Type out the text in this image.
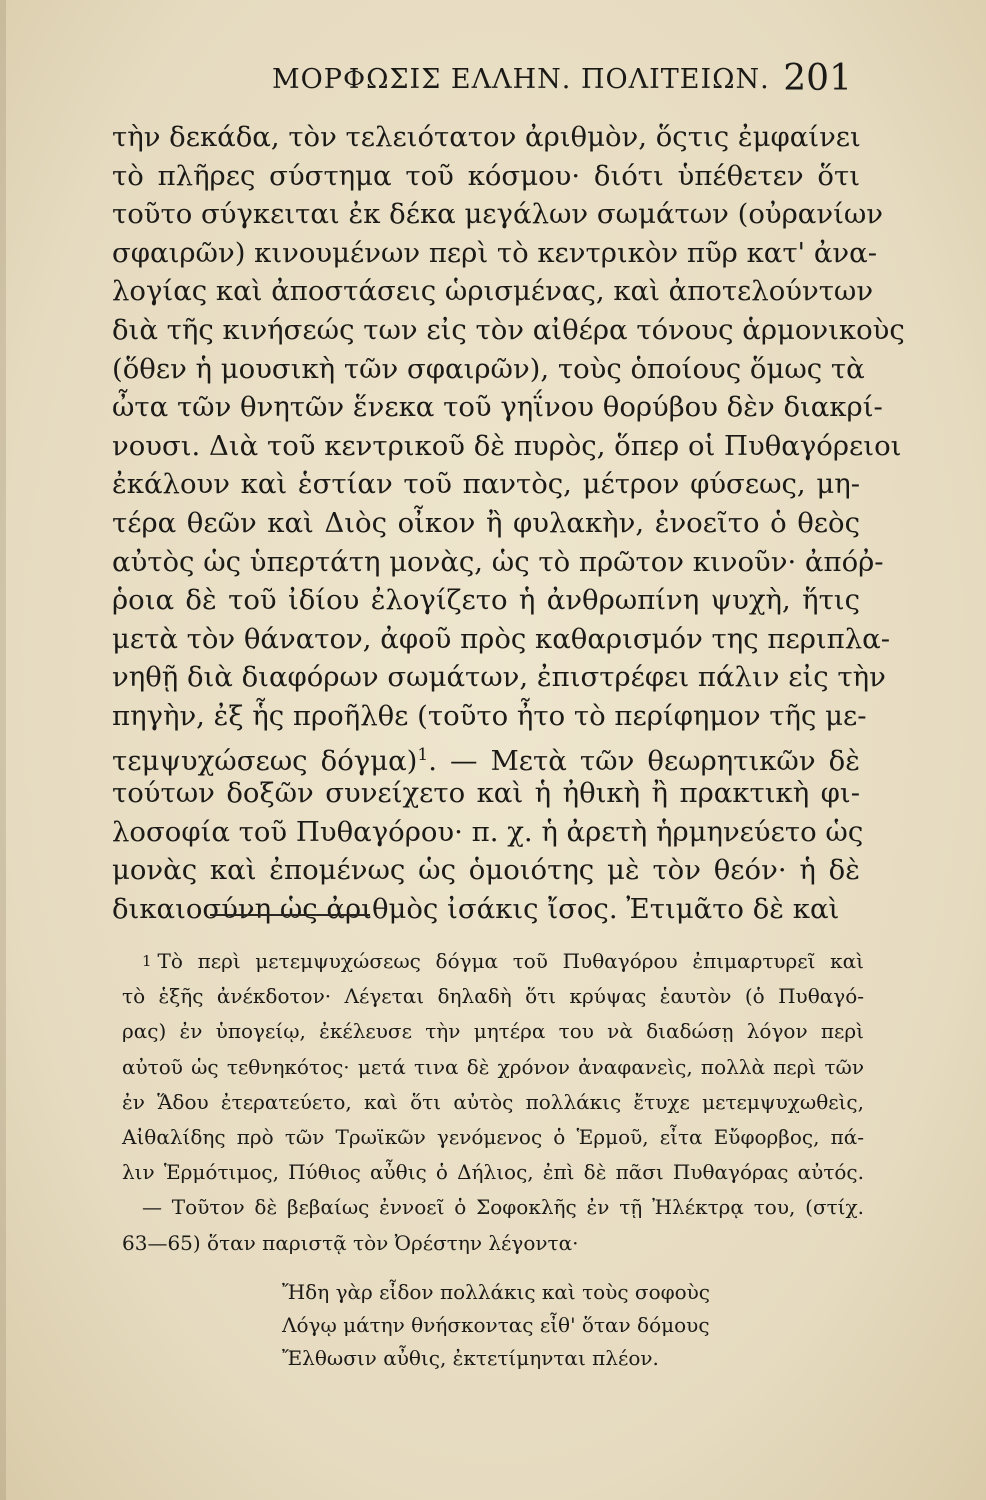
ΜΟΡΦΩΣΙΣ ΕΛΛΗΝ. ΠΟΛΙΤΕΙΩΝ. 201
τὴν δεκάδα, τὸν τελειότατον ἀριθμὸν, ὅςτις ἐμφαίνει
τὸ πλῆρες σύστημα τοῦ κόσμου· διότι ὑπέθετεν ὅτι
τοῦτο σύγκειται ἐκ δέκα μεγάλων σωμάτων (οὐρανίων
σφαιρῶν) κινουμένων περὶ τὸ κεντρικὸν πῦρ κατ' ἀνα-
λογίας καὶ ἀποστάσεις ὡρισμένας, καὶ ἀποτελούντων
διὰ τῆς κινήσεώς των εἰς τὸν αἰθέρα τόνους ἁρμονικοὺς
(ὅθεν ἡ μουσικὴ τῶν σφαιρῶν), τοὺς ὁποίους ὅμως τὰ
ὦτα τῶν θνητῶν ἕνεκα τοῦ γηΐνου θορύβου δὲν διακρί-
νουσι. Διὰ τοῦ κεντρικοῦ δὲ πυρὸς, ὅπερ οἱ Πυθαγόρειοι
ἐκάλουν καὶ ἑστίαν τοῦ παντὸς, μέτρον φύσεως, μη-
τέρα θεῶν καὶ Διὸς οἶκον ἢ φυλακὴν, ἐνοεῖτο ὁ θεὸς
αὐτὸς ὡς ὑπερτάτη μονὰς, ὡς τὸ πρῶτον κινοῦν· ἀπόῤ-
ῥοια δὲ τοῦ ἰδίου ἐλογίζετο ἡ ἀνθρωπίνη ψυχὴ, ἥτις
μετὰ τὸν θάνατον, ἀφοῦ πρὸς καθαρισμόν της περιπλα-
νηθῇ διὰ διαφόρων σωμάτων, ἐπιστρέφει πάλιν εἰς τὴν
πηγὴν, ἐξ ἧς προῆλθε (τοῦτο ἦτο τὸ περίφημον τῆς με-
τεμψυχώσεως δόγμα)$^1$. — Μετὰ τῶν θεωρητικῶν δὲ
τούτων δοξῶν συνείχετο καὶ ἡ ἠθικὴ ἢ πρακτικὴ φι-
λοσοφία τοῦ Πυθαγόρου· π. χ. ἡ ἀρετὴ ἡρμηνεύετο ὡς
μονὰς καὶ ἐπομένως ὡς ὁμοιότης μὲ τὸν θεόν· ἡ δὲ
δικαιοσύνη ὡς ἀριθμὸς ἰσάκις ἴσος. Ἐτιμᾶτο δὲ καὶ
$^1$ Τὸ περὶ μετεμψυχώσεως δόγμα τοῦ Πυθαγόρου ἐπιμαρτυρεῖ καὶ
τὸ ἑξῆς ἀνέκδοτον· Λέγεται δηλαδὴ ὅτι κρύψας ἑαυτὸν (ὁ Πυθαγό-
ρας) ἐν ὑπογείῳ, ἐκέλευσε τὴν μητέρα του νὰ διαδώσῃ λόγον περὶ
αὐτοῦ ὡς τεθνηκότος· μετά τινα δὲ χρόνον ἀναφανεὶς, πολλὰ περὶ τῶν
ἐν Ἅδου ἐτερατεύετο, καὶ ὅτι αὐτὸς πολλάκις ἔτυχε μετεμψυχωθεὶς,
Αἰθαλίδης πρὸ τῶν Τρωϊκῶν γενόμενος ὁ Ἑρμοῦ, εἶτα Εὔφορβος, πά-
λιν Ἑρμότιμος, Πύθιος αὖθις ὁ Δήλιος, ἐπὶ δὲ πᾶσι Πυθαγόρας αὐτός.
— Τοῦτον δὲ βεβαίως ἐννοεῖ ὁ Σοφοκλῆς ἐν τῇ Ἠλέκτρᾳ του, (στίχ.
63—65) ὅταν παριστᾷ τὸν Ὀρέστην λέγοντα·
Ἤδη γὰρ εἶδον πολλάκις καὶ τοὺς σοφοὺς
Λόγῳ μάτην θνήσκοντας εἶθ' ὅταν δόμους
Ἔλθωσιν αὖθις, ἐκτετίμηνται πλέον.
